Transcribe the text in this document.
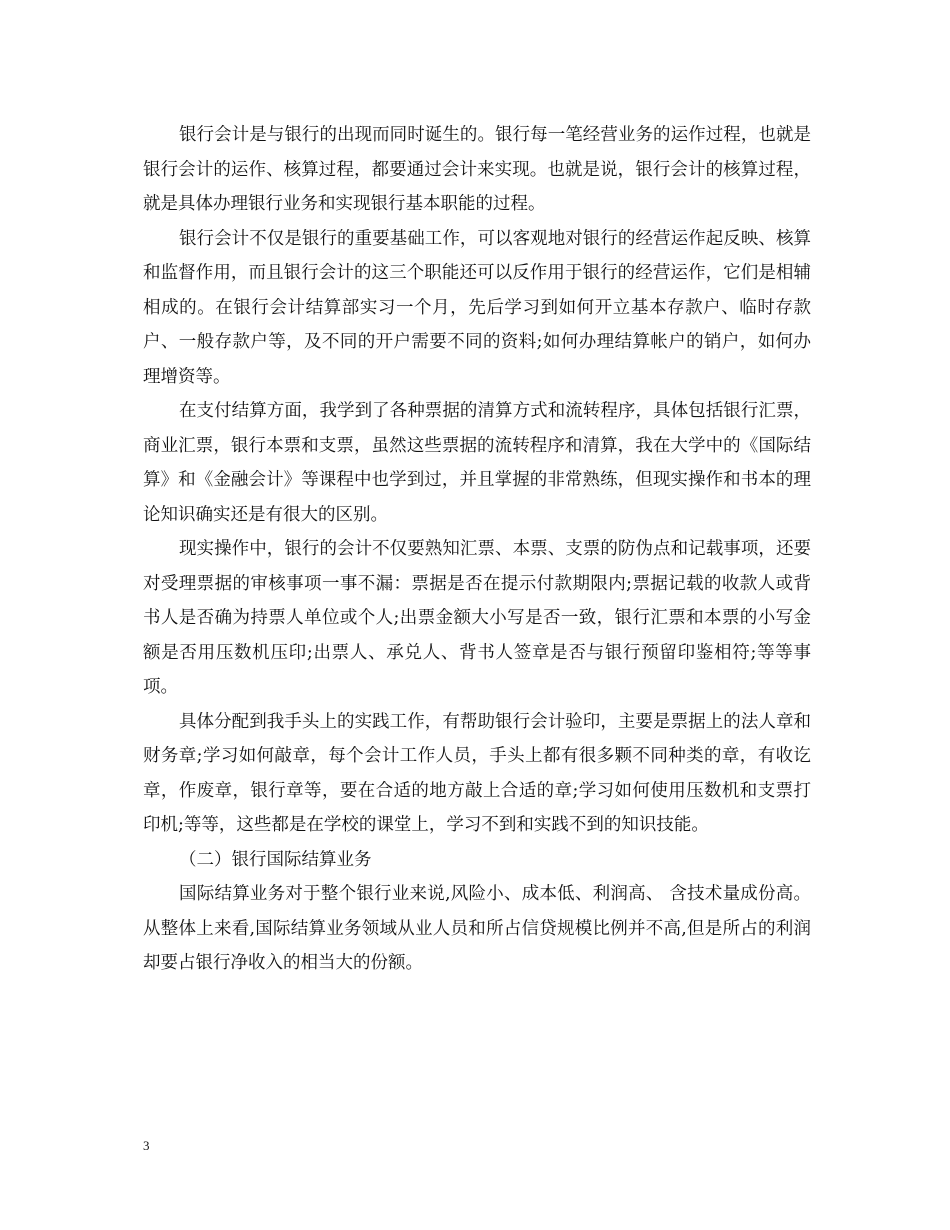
银行会计是与银行的出现而同时诞生的。银行每一笔经营业务的运作过程，也就是银行会计的运作、核算过程，都要通过会计来实现。也就是说，银行会计的核算过程，就是具体办理银行业务和实现银行基本职能的过程。

银行会计不仅是银行的重要基础工作，可以客观地对银行的经营运作起反映、核算和监督作用，而且银行会计的这三个职能还可以反作用于银行的经营运作，它们是相辅相成的。在银行会计结算部实习一个月，先后学习到如何开立基本存款户、临时存款户、一般存款户等，及不同的开户需要不同的资料;如何办理结算帐户的销户，如何办理增资等。

在支付结算方面，我学到了各种票据的清算方式和流转程序，具体包括银行汇票，商业汇票，银行本票和支票，虽然这些票据的流转程序和清算，我在大学中的《国际结算》和《金融会计》等课程中也学到过，并且掌握的非常熟练，但现实操作和书本的理论知识确实还是有很大的区别。

现实操作中，银行的会计不仅要熟知汇票、本票、支票的防伪点和记载事项，还要对受理票据的审核事项一事不漏：票据是否在提示付款期限内;票据记载的收款人或背书人是否确为持票人单位或个人;出票金额大小写是否一致，银行汇票和本票的小写金额是否用压数机压印;出票人、承兑人、背书人签章是否与银行预留印鉴相符;等等事项。

具体分配到我手头上的实践工作，有帮助银行会计验印，主要是票据上的法人章和财务章;学习如何敲章，每个会计工作人员，手头上都有很多颗不同种类的章，有收讫章，作废章，银行章等，要在合适的地方敲上合适的章;学习如何使用压数机和支票打印机;等等，这些都是在学校的课堂上，学习不到和实践不到的知识技能。

（二）银行国际结算业务

国际结算业务对于整个银行业来说,风险小、成本低、利润高、 含技术量成份高。从整体上来看,国际结算业务领域从业人员和所占信贷规模比例并不高,但是所占的利润却要占银行净收入的相当大的份额。

3
